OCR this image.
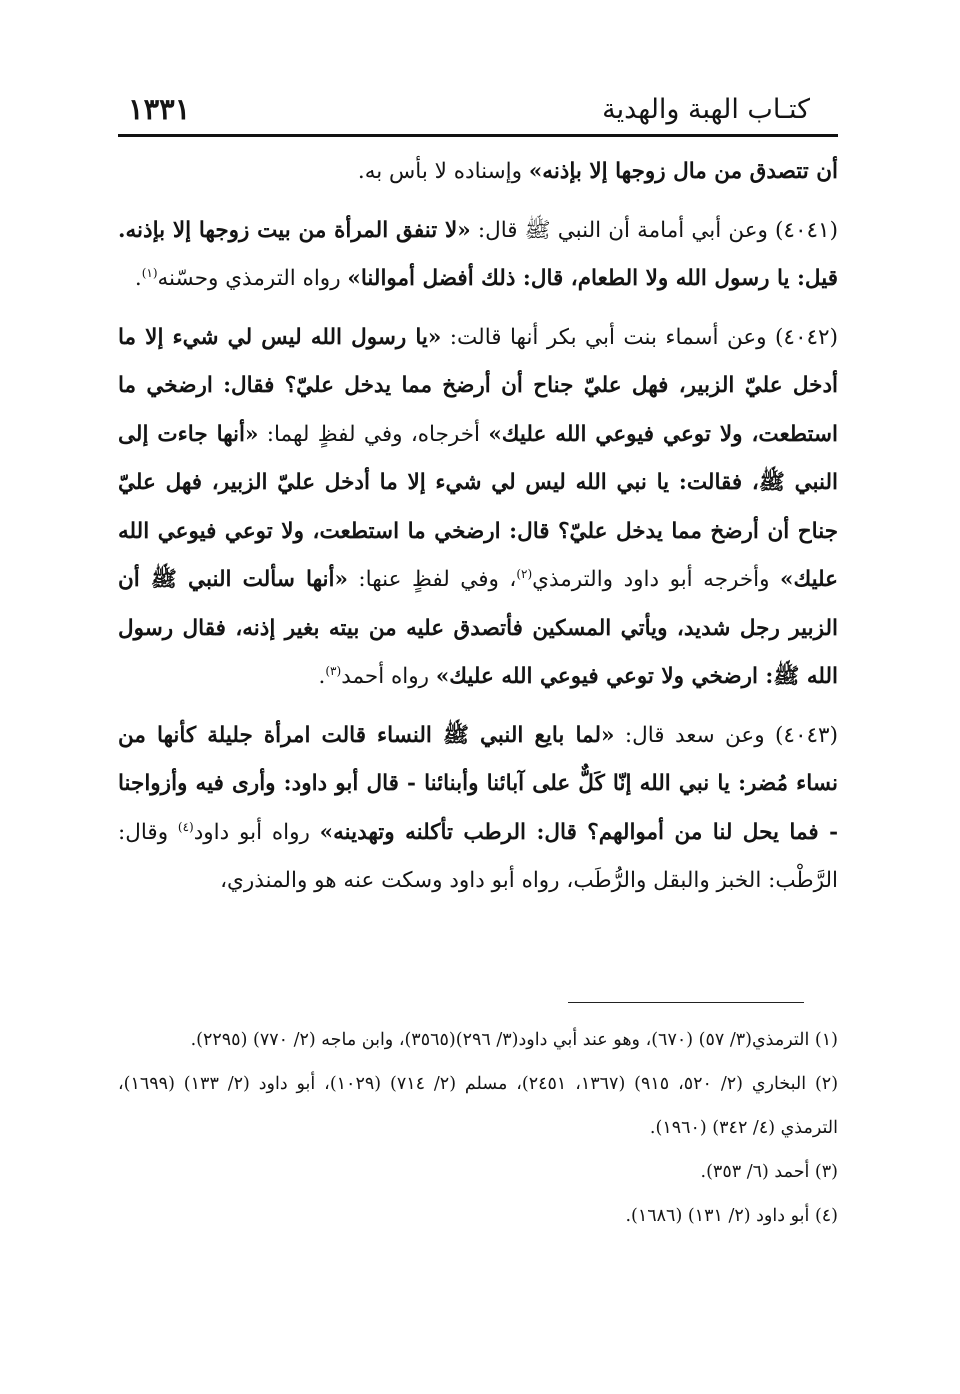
كتـاب الهبة والهدية
١٣٣١

أن تتصدق من مال زوجها إلا بإذنه» وإسناده لا بأس به.

(٤٠٤١) وعن أبي أمامة أن النبي ﷺ قال: «لا تنفق المرأة من بيت زوجها إلا بإذنه. قيل: يا رسول الله ولا الطعام، قال: ذلك أفضل أموالنا» رواه الترمذي وحسّنه$^{(١)}$.

(٤٠٤٢) وعن أسماء بنت أبي بكر أنها قالت: «يا رسول الله ليس لي شيء إلا ما أدخل عليّ الزبير، فهل عليّ جناح أن أرضخ مما يدخل عليّ؟ فقال: ارضخي ما استطعت، ولا توعي فيوعي الله عليك» أخرجاه، وفي لفظٍ لهما: «أنها جاءت إلى النبي ﷺ، فقالت: يا نبي الله ليس لي شيء إلا ما أدخل عليّ الزبير، فهل عليّ جناح أن أرضخ مما يدخل عليّ؟ قال: ارضخي ما استطعت، ولا توعي فيوعي الله عليك» وأخرجه أبو داود والترمذي$^{(٢)}$، وفي لفظٍ عنها: «أنها سألت النبي ﷺ أن الزبير رجل شديد، ويأتي المسكين فأتصدق عليه من بيته بغير إذنه، فقال رسول الله ﷺ: ارضخي ولا توعي فيوعي الله عليك» رواه أحمد$^{(٣)}$.

(٤٠٤٣) وعن سعد قال: «لما بايع النبي ﷺ النساء قالت امرأة جليلة كأنها من نساء مُضر: يا نبي الله إنّا كَلٌّ على آبائنا وأبنائنا - قال أبو داود: وأرى فيه وأزواجنا - فما يحل لنا من أموالهم؟ قال: الرطب تأكلنه وتهدينه» رواه أبو داود$^{(٤)}$ وقال: الرَّطْب: الخبز والبقل والرُّطَب، رواه أبو داود وسكت عنه هو والمنذري،

(١) الترمذي(٣/ ٥٧) (٦٧٠)، وهو عند أبي داود(٣/ ٢٩٦)(٣٥٦٥)، وابن ماجه (٢/ ٧٧٠) (٢٢٩٥).

(٢) البخاري (٢/ ٥٢٠، ٩١٥) (١٣٦٧، ٢٤٥١)، مسلم (٢/ ٧١٤) (١٠٢٩)، أبو داود (٢/ ١٣٣) (١٦٩٩)، الترمذي (٤/ ٣٤٢) (١٩٦٠).

(٣) أحمد (٦/ ٣٥٣).

(٤) أبو داود (٢/ ١٣١) (١٦٨٦).
